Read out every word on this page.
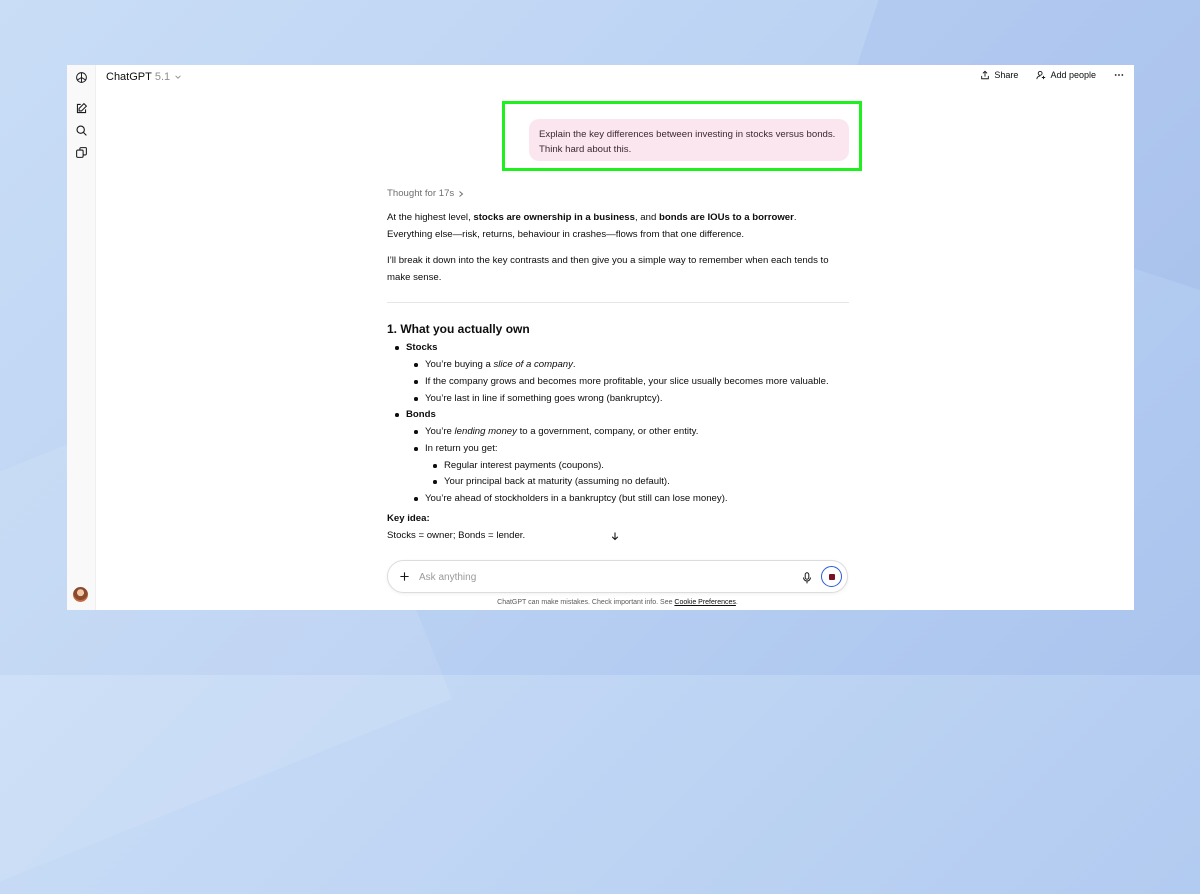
ChatGPT 5.1	Share	Add people
Explain the key differences between investing in stocks versus bonds.
Think hard about this.
Thought for 17s
At the highest level, stocks are ownership in a business, and bonds are IOUs to a borrower.
Everything else—risk, returns, behaviour in crashes—flows from that one difference.
I’ll break it down into the key contrasts and then give you a simple way to remember when each tends to
make sense.
1. What you actually own
Stocks
You’re buying a slice of a company.
If the company grows and becomes more profitable, your slice usually becomes more valuable.
You’re last in line if something goes wrong (bankruptcy).
Bonds
You’re lending money to a government, company, or other entity.
In return you get:
Regular interest payments (coupons).
Your principal back at maturity (assuming no default).
You’re ahead of stockholders in a bankruptcy (but still can lose money).
Key idea:
Stocks = owner; Bonds = lender.
Ask anything
ChatGPT can make mistakes. Check important info. See Cookie Preferences.
